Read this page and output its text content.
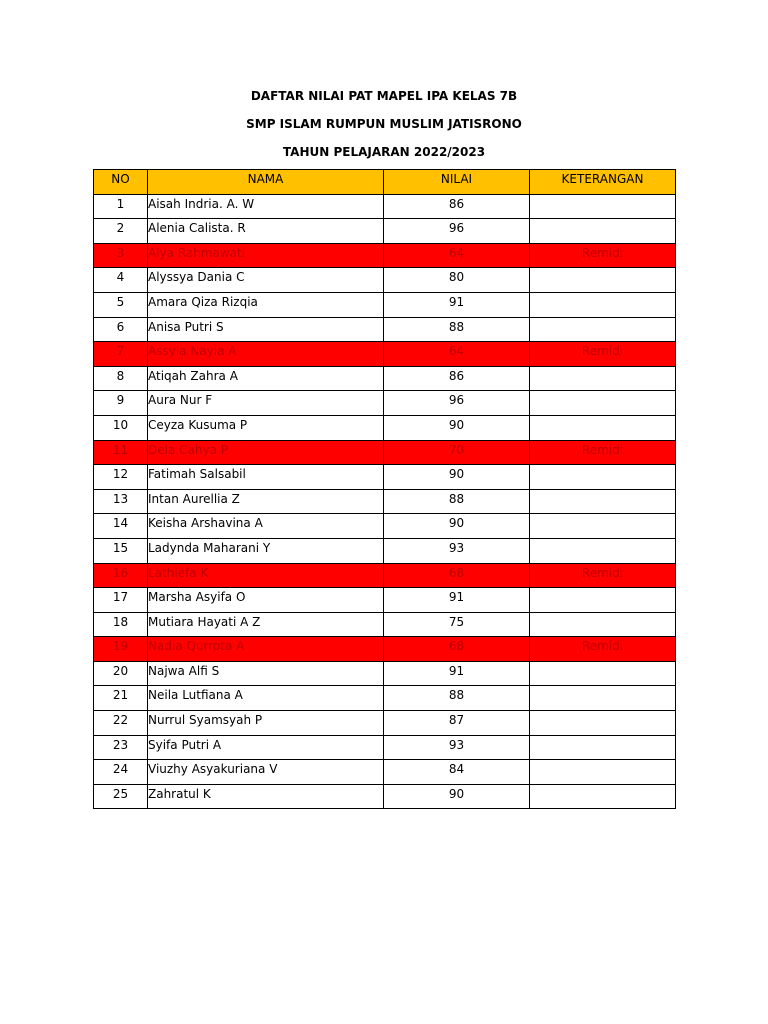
DAFTAR NILAI PAT MAPEL IPA KELAS 7B
SMP ISLAM RUMPUN MUSLIM JATISRONO
TAHUN PELAJARAN 2022/2023
NO	NAMA	NILAI	KETERANGAN
1	Aisah Indria. A. W	86	
2	Alenia Calista. R	96	
3	Alya Rahmawati	64	Remidi
4	Alyssya Dania C	80	
5	Amara Qiza Rizqia	91	
6	Anisa Putri S	88	
7	Assyla Nayla A	64	Remidi
8	Atiqah Zahra A	86	
9	Aura Nur F	96	
10	Ceyza Kusuma P	90	
11	Dela Cahya P	70	Remidi
12	Fatimah Salsabil	90	
13	Intan Aurellia Z	88	
14	Keisha Arshavina A	90	
15	Ladynda Maharani Y	93	
16	Lathiefa K	68	Remidi
17	Marsha Asyifa O	91	
18	Mutiara Hayati A Z	75	
19	Nadia Qurrota A	68	Remidi
20	Najwa Alfi S	91	
21	Neila Lutfiana A	88	
22	Nurrul Syamsyah P	87	
23	Syifa Putri A	93	
24	Viuzhy Asyakuriana V	84	
25	Zahratul K	90	
